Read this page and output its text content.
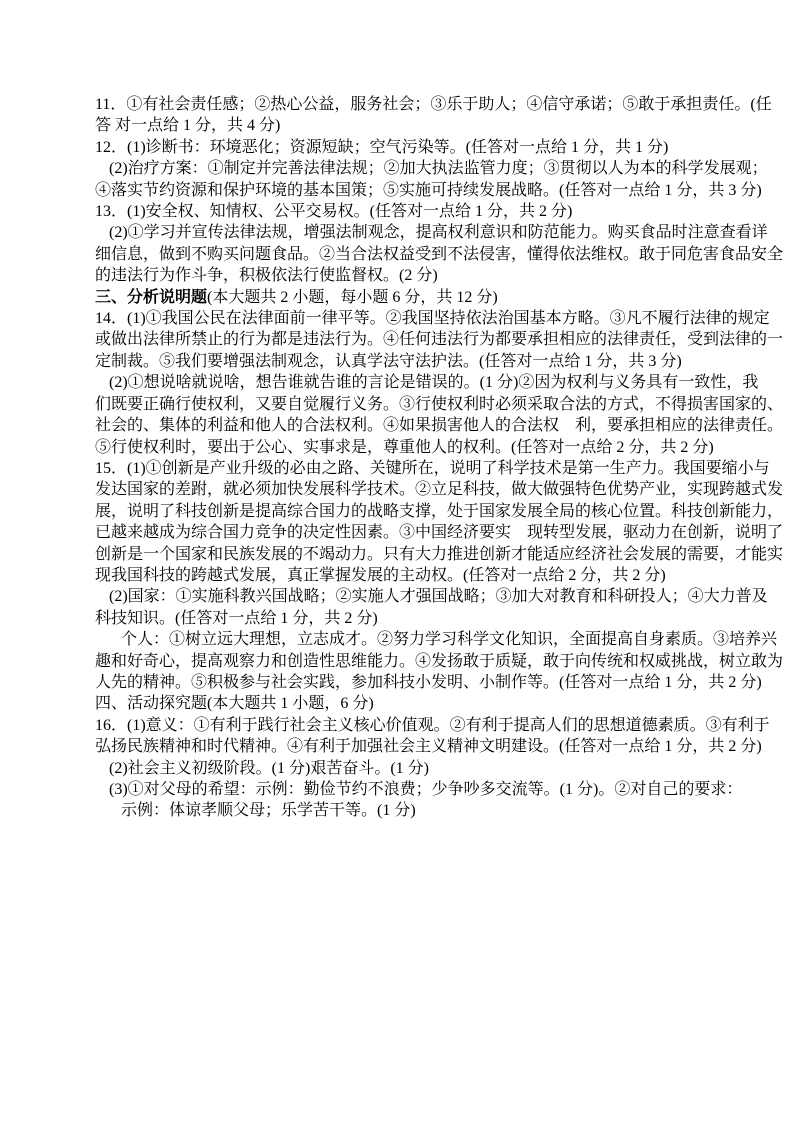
11．①有社会责任感；②热心公益，服务社会；③乐于助人；④信守承诺；⑤敢于承担责任。(任
答 对一点给 1 分，共 4 分)
12．(1)诊断书：环境恶化；资源短缺；空气污染等。(任答对一点给 1 分，共 1 分)
(2)治疗方案：①制定并完善法律法规；②加大执法监管力度；③贯彻以人为本的科学发展观；
④落实节约资源和保护环境的基本国策；⑤实施可持续发展战略。(任答对一点给 1 分，共 3 分)
13．(1)安全权、知情权、公平交易权。(任答对一点给 1 分，共 2 分)
(2)①学习并宣传法律法规，增强法制观念，提高权利意识和防范能力。购买食品时注意查看详
细信息，做到不购买问题食品。②当合法权益受到不法侵害，懂得依法维权。敢于同危害食品安全
的违法行为作斗争，积极依法行使监督权。(2 分)
三、分析说明题(本大题共 2 小题，每小题 6 分，共 12 分)
14．(1)①我国公民在法律面前一律平等。②我国坚持依法治国基本方略。③凡不履行法律的规定
或做出法律所禁止的行为都是违法行为。④任何违法行为都要承担相应的法律责任，受到法律的一
定制裁。⑤我们要增强法制观念，认真学法守法护法。(任答对一点给 1 分，共 3 分)
(2)①想说啥就说啥，想告谁就告谁的言论是错误的。(1 分)②因为权利与义务具有一致性，我
们既要正确行使权利，又要自觉履行义务。③行使权利时必须采取合法的方式，不得损害国家的、
社会的、集体的利益和他人的合法权利。④如果损害他人的合法权　利，要承担相应的法律责任。
⑤行使权利时，要出于公心、实事求是，尊重他人的权利。(任答对一点给 2 分，共 2 分)
15．(1)①创新是产业升级的必由之路、关键所在，说明了科学技术是第一生产力。我国要缩小与
发达国家的差跗，就必须加快发展科学技术。②立足科技，做大做强特色优势产业，实现跨越式发
展，说明了科技创新是提高综合国力的战略支撑，处于国家发展全局的核心位置。科技创新能力，
已越来越成为综合国力竞争的决定性因素。③中国经济要实　现转型发展，驱动力在创新，说明了
创新是一个国家和民族发展的不竭动力。只有大力推进创新才能适应经济社会发展的需要，才能实
现我国科技的跨越式发展，真正掌握发展的主动权。(任答对一点给 2 分，共 2 分)
(2)国家：①实施科教兴国战略；②实施人才强国战略；③加大对教育和科研投人；④大力普及
科技知识。(任答对一点给 1 分，共 2 分)
个人：①树立远大理想，立志成才。②努力学习科学文化知识，全面提高自身素质。③培养兴
趣和好奇心，提高观察力和创造性思维能力。④发扬敢于质疑，敢于向传统和权威挑战，树立敢为
人先的精神。⑤积极参与社会实践，参加科技小发明、小制作等。(任答对一点给 1 分，共 2 分)
四、活动探究题(本大题共 1 小题，6 分)
16．(1)意义：①有利于践行社会主义核心价值观。②有利于提高人们的思想道德素质。③有利于
弘扬民族精神和时代精神。④有利于加强社会主义精神文明建设。(任答对一点给 1 分，共 2 分)
(2)社会主义初级阶段。(1 分)艰苦奋斗。(1 分)
(3)①对父母的希望：示例：勤俭节约不浪费；少争吵多交流等。(1 分)。②对自己的要求：
示例：体谅孝顺父母；乐学苦干等。(1 分)
